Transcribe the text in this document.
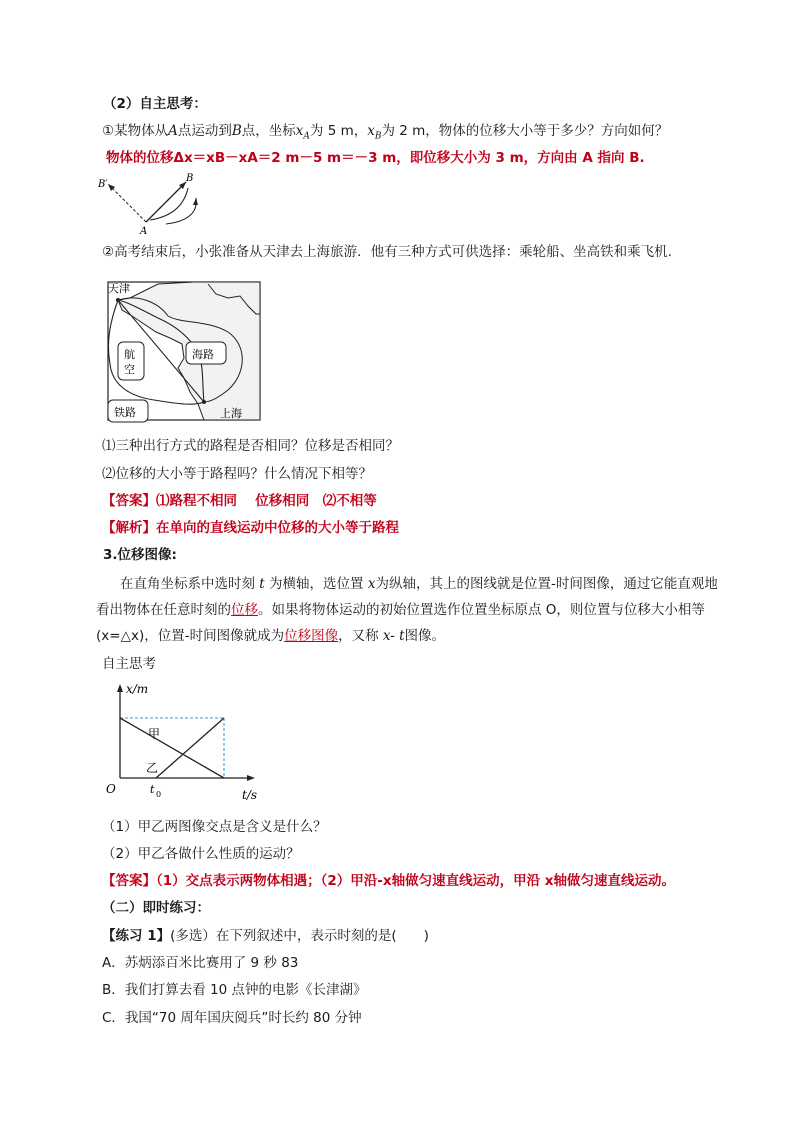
（2）自主思考：
①某物体从A点运动到B点，坐标$x_A$为 5 m，$x_B$为 2 m，物体的位移大小等于多少？方向如何？
物体的位移Δx＝xB－xA＝2 m－5 m＝－3 m，即位移大小为 3 m，方向由 A 指向 B.
B′
B
A
②高考结束后，小张准备从天津去上海旅游．他有三种方式可供选择：乘轮船、坐高铁和乘飞机.
天津
上海
航
空
海路
铁路
⑴三种出行方式的路程是否相同？位移是否相同？
⑵位移的大小等于路程吗？什么情况下相等？
【答案】⑴路程不相同　 位移相同　⑵不相等
【解析】在单向的直线运动中位移的大小等于路程
3.位移图像:
在直角坐标系中选时刻 t 为横轴，选位置 x为纵轴，其上的图线就是位置-时间图像，通过它能直观地
看出物体在任意时刻的位移。如果将物体运动的初始位置选作位置坐标原点 O，则位置与位移大小相等
(x=△x)，位置-时间图像就成为位移图像，又称 x- t图像。
自主思考
x/m
t/s
O	t 0
甲
乙
（1）甲乙两图像交点是含义是什么？
（2）甲乙各做什么性质的运动？
【答案】（1）交点表示两物体相遇；（2）甲沿-x轴做匀速直线运动，甲沿 x轴做匀速直线运动。
（二）即时练习：
【练习 1】(多选）在下列叙述中，表示时刻的是(　　)
A．苏炳添百米比赛用了 9 秒 83
B．我们打算去看 10 点钟的电影《长津湖》
C．我国“70 周年国庆阅兵”时长约 80 分钟
